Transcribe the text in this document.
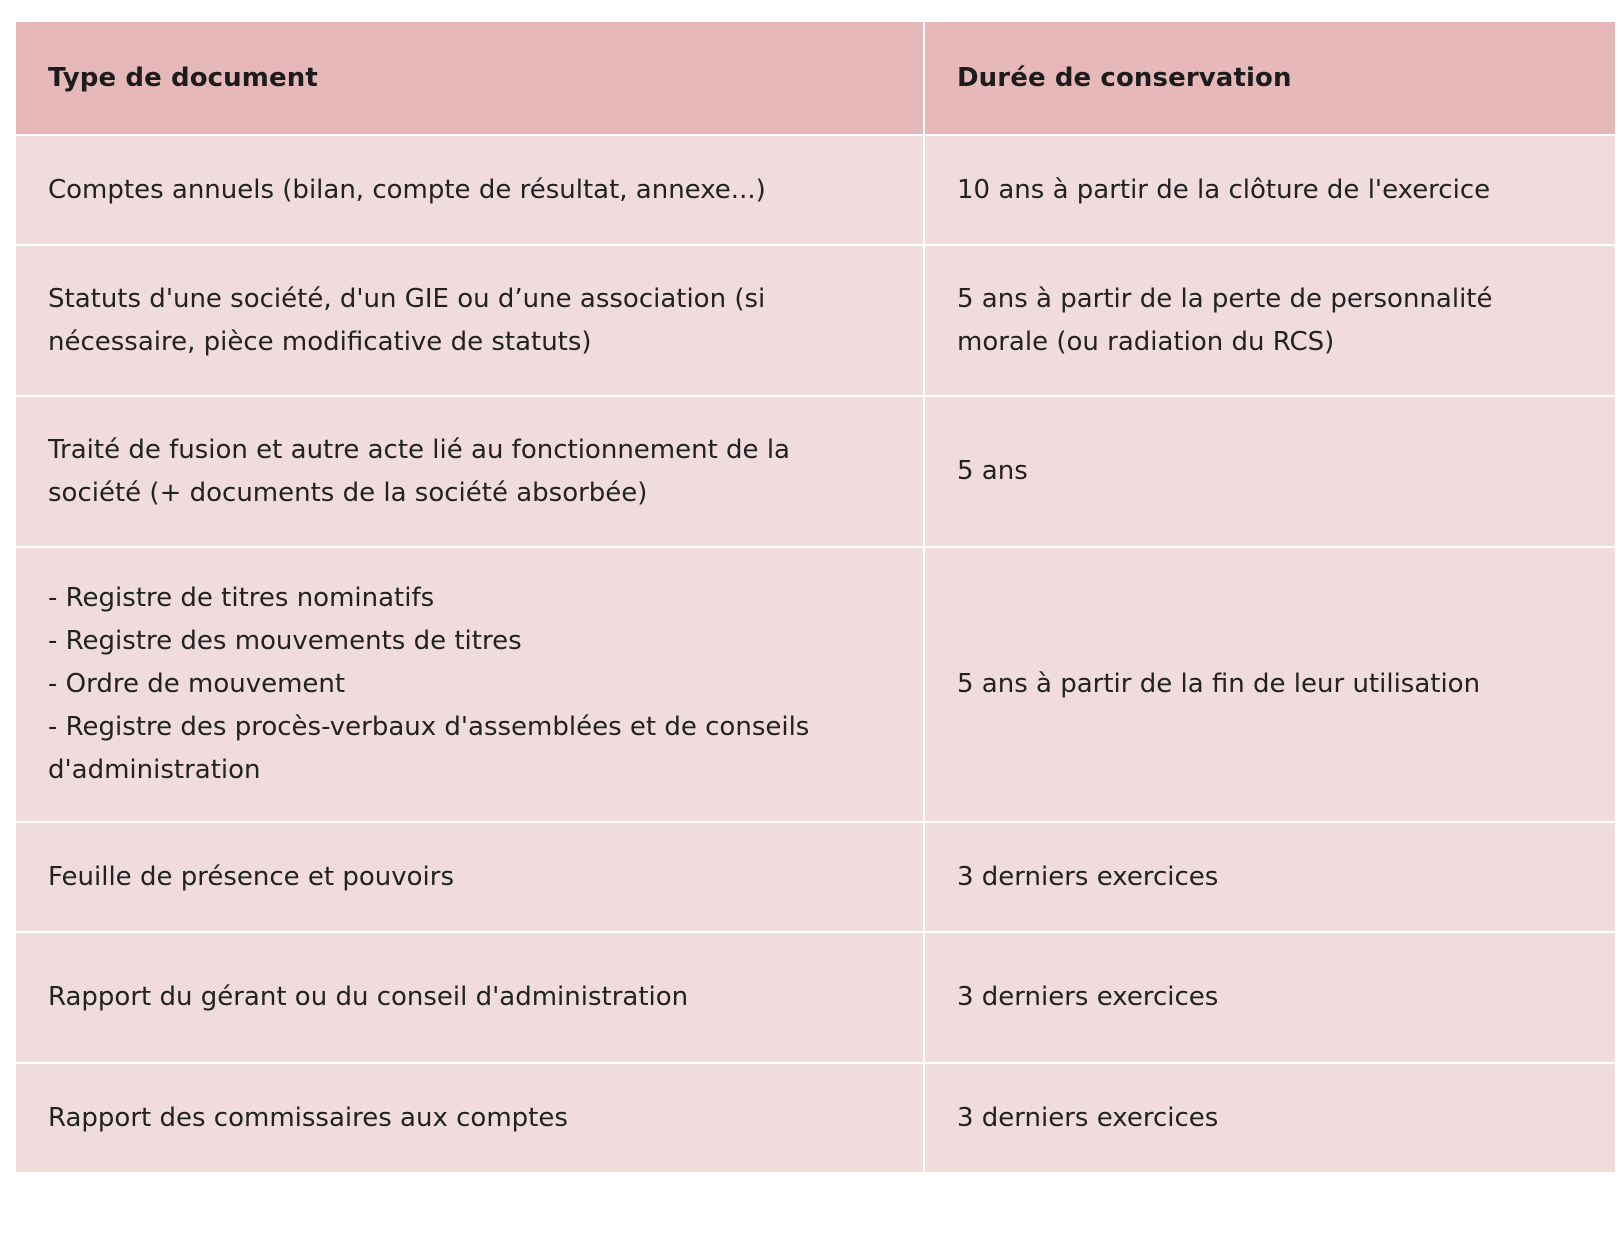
Type de document	Durée de conservation
Comptes annuels (bilan, compte de résultat, annexe...)	10 ans à partir de la clôture de l'exercice
Statuts d'une société, d'un GIE ou d’une association (si nécessaire, pièce modificative de statuts)	5 ans à partir de la perte de personnalité morale (ou radiation du RCS)
Traité de fusion et autre acte lié au fonctionnement de la société (+ documents de la société absorbée)	5 ans
- Registre de titres nominatifs
- Registre des mouvements de titres
- Ordre de mouvement
- Registre des procès-verbaux d'assemblées et de conseils d'administration	5 ans à partir de la fin de leur utilisation
Feuille de présence et pouvoirs	3 derniers exercices
Rapport du gérant ou du conseil d'administration	3 derniers exercices
Rapport des commissaires aux comptes	3 derniers exercices
